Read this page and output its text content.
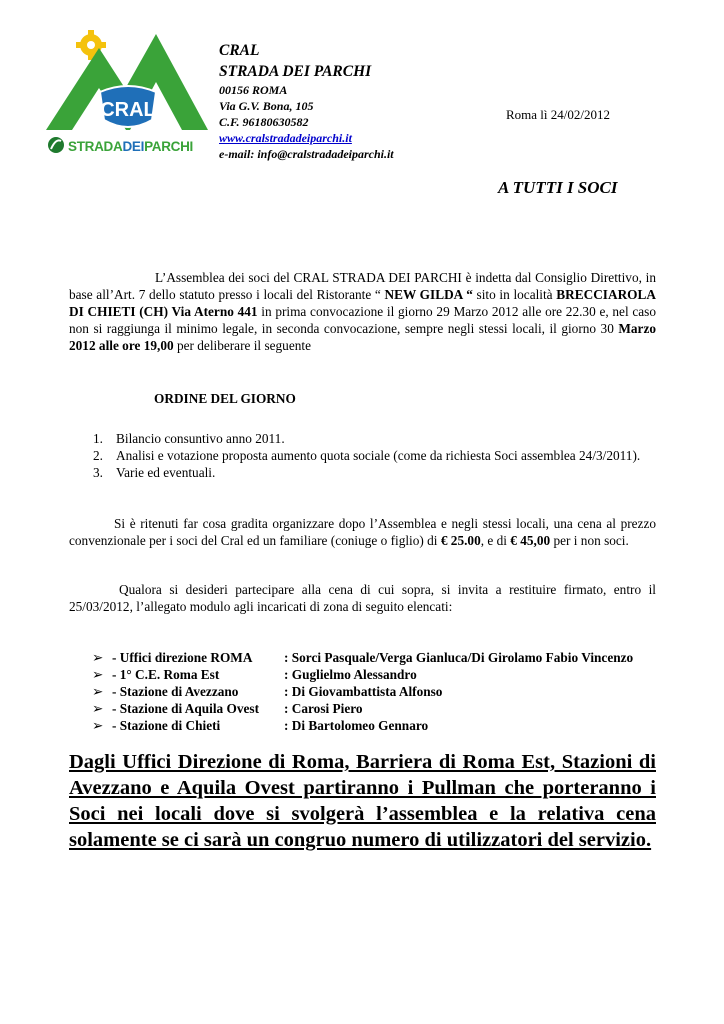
CRAL
STRADADEIPARCHI
CRAL
STRADA DEI PARCHI
00156 ROMA
Via G.V. Bona, 105
C.F. 96180630582
www.cralstradadeiparchi.it
e-mail: info@cralstradadeiparchi.it
Roma lì 24/02/2012
A TUTTI I SOCI
L’Assemblea dei soci del CRAL STRADA DEI PARCHI è indetta dal Consiglio Direttivo, in base all’Art. 7 dello statuto presso i locali del Ristorante “ NEW GILDA “ sito in località BRECCIAROLA DI CHIETI (CH) Via Aterno 441 in prima convocazione il giorno 29 Marzo 2012 alle ore 22.30 e, nel caso non si raggiunga il minimo legale, in seconda convocazione, sempre negli stessi locali, il giorno 30 Marzo 2012 alle ore 19,00 per deliberare il seguente
ORDINE DEL GIORNO
1. Bilancio consuntivo anno 2011.
2. Analisi e votazione proposta aumento quota sociale (come da richiesta Soci assemblea 24/3/2011).
3. Varie ed eventuali.
Si è ritenuti far cosa gradita organizzare dopo l’Assemblea e negli stessi locali, una cena al prezzo convenzionale per i soci del Cral ed un familiare (coniuge o figlio) di € 25.00, e di € 45,00 per i non soci.
Qualora si desideri partecipare alla cena di cui sopra, si invita a restituire firmato, entro il 25/03/2012, l’allegato modulo agli incaricati di zona di seguito elencati:
➢ - Uffici direzione ROMA	: Sorci Pasquale/Verga Gianluca/Di Girolamo Fabio Vincenzo
➢ - 1° C.E. Roma Est	: Guglielmo Alessandro
➢ - Stazione di Avezzano	: Di Giovambattista Alfonso
➢ - Stazione di Aquila Ovest	: Carosi Piero
➢ - Stazione di Chieti	: Di Bartolomeo Gennaro
Dagli Uffici Direzione di Roma, Barriera di Roma Est, Stazioni di Avezzano e Aquila Ovest partiranno i Pullman che porteranno i Soci nei locali dove si svolgerà l’assemblea e la relativa cena solamente se ci sarà un congruo numero di utilizzatori del servizio.
